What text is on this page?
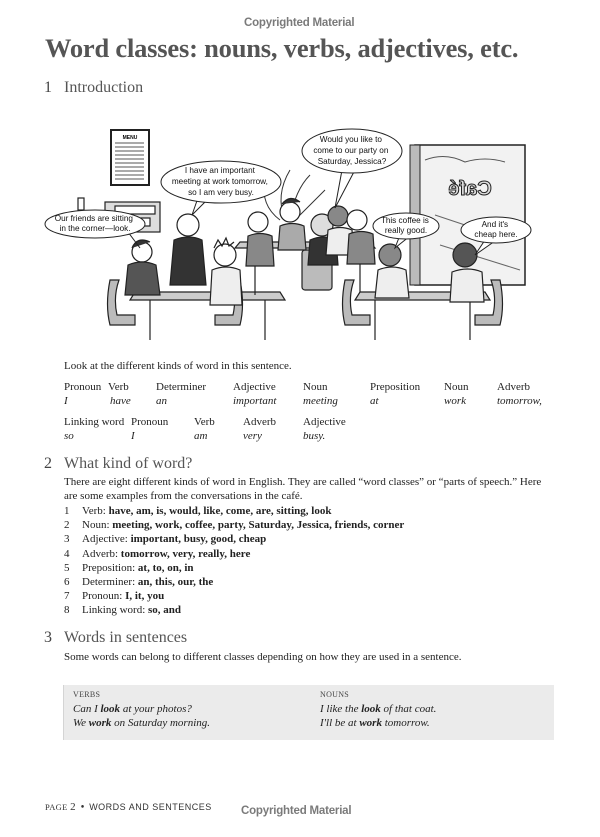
Copyrighted Material
Word classes: nouns, verbs, adjectives, etc.
1 Introduction
MENU
Café
Our friends are sitting in the corner—look.
I have an important meeting at work tomorrow, so I am very busy.
Would you like to come to our party on Saturday, Jessica?
This coffee is really good.
And it's cheap here.

Look at the different kinds of word in this sentence.

Pronoun
I
Verb
have
Determiner
an
Adjective
important
Noun
meeting
Preposition
at
Noun
work
Adverb
tomorrow,
Linking word
so
Pronoun
I
Verb
am
Adverb
very
Adjective
busy.
2 What kind of word?

There are eight different kinds of word in English. They are called “word classes” or “parts of speech.” Here are some examples from the conversations in the café.

1 Verb: have, am, is, would, like, come, are, sitting, look
2 Noun: meeting, work, coffee, party, Saturday, Jessica, friends, corner
3 Adjective: important, busy, good, cheap
4 Adverb: tomorrow, very, really, here
5 Preposition: at, to, on, in
6 Determiner: an, this, our, the
7 Pronoun: I, it, you
8 Linking word: so, and
3 Words in sentences

Some words can belong to different classes depending on how they are used in a sentence.

VERBS
Can I look at your photos?
We work on Saturday morning.
NOUNS
I like the look of that coat.
I'll be at work tomorrow.
PAGE 2 • WORDS AND SENTENCES	Copyrighted Material
